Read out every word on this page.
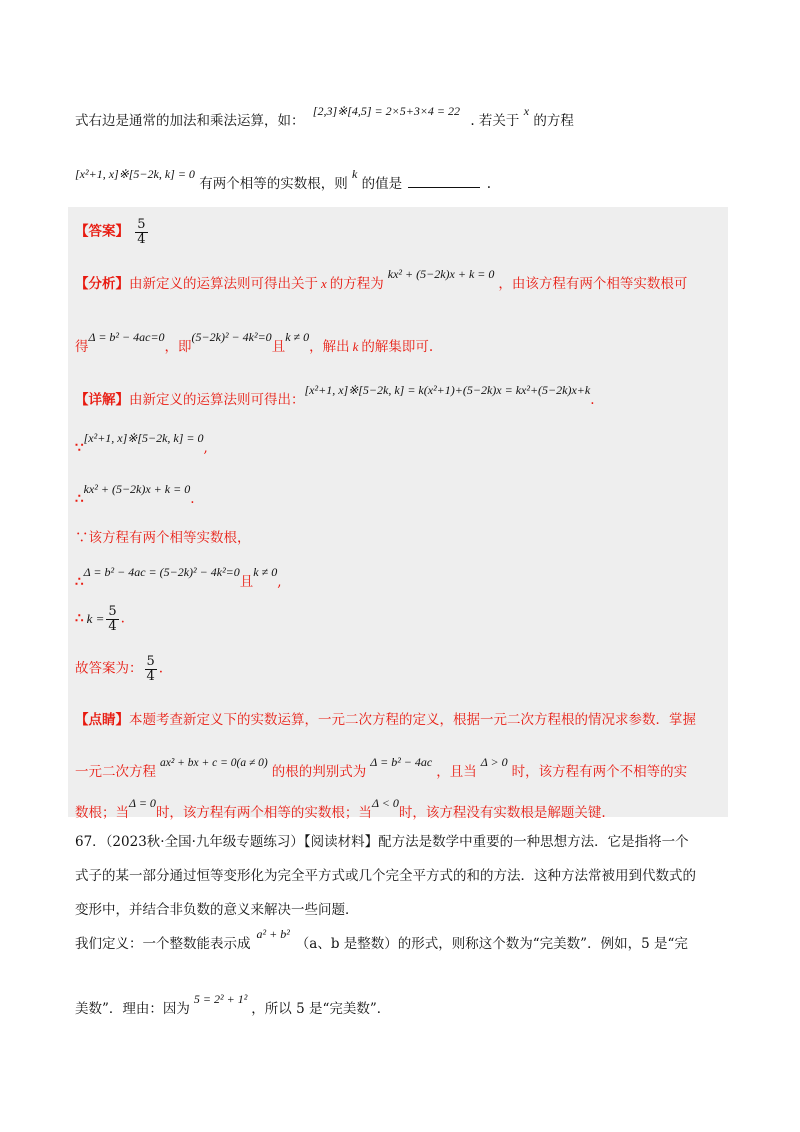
式右边是通常的加法和乘法运算，如： [2,3]※[4,5] = 2×5+3×4 = 22 . 若关于 x 的方程
[x²+1, x]※[5−2k, k] = 0 有两个相等的实数根，则 k 的值是	.
【答案】 $\frac{5}{4}$
【分析】由新定义的运算法则可得出关于 x 的方程为kx² + (5−2k)x + k = 0，由该方程有两个相等实数根可
得Δ = b² − 4ac=0，即(5−2k)² − 4k²=0且k ≠ 0，解出 k 的解集即可.
【详解】由新定义的运算法则可得出：[x²+1, x]※[5−2k, k] = k(x²+1)+(5−2k)x = kx²+(5−2k)x+k.
∵[x²+1, x]※[5−2k, k] = 0,
∴kx² + (5−2k)x + k = 0.
∵该方程有两个相等实数根，
∴Δ = b² − 4ac = (5−2k)² − 4k²=0且k ≠ 0,
∴ $k = \frac{5}{4}$ .
故答案为： $\frac{5}{4}$ .
【点睛】本题考查新定义下的实数运算，一元二次方程的定义，根据一元二次方程根的情况求参数．掌握
一元二次方程ax² + bx + c = 0(a ≠ 0)的根的判别式为Δ = b² − 4ac，且当Δ > 0时，该方程有两个不相等的实
数根；当Δ = 0时，该方程有两个相等的实数根；当Δ < 0时，该方程没有实数根是解题关键.
67．（2023秋·全国·九年级专题练习）【阅读材料】配方法是数学中重要的一种思想方法．它是指将一个
式子的某一部分通过恒等变形化为完全平方式或几个完全平方式的和的方法．这种方法常被用到代数式的
变形中，并结合非负数的意义来解决一些问题．
我们定义：一个整数能表示成a² + b²（a、b 是整数）的形式，则称这个数为“完美数”．例如，5 是“完
美数”．理由：因为5 = 2² + 1²，所以 5 是“完美数”．
